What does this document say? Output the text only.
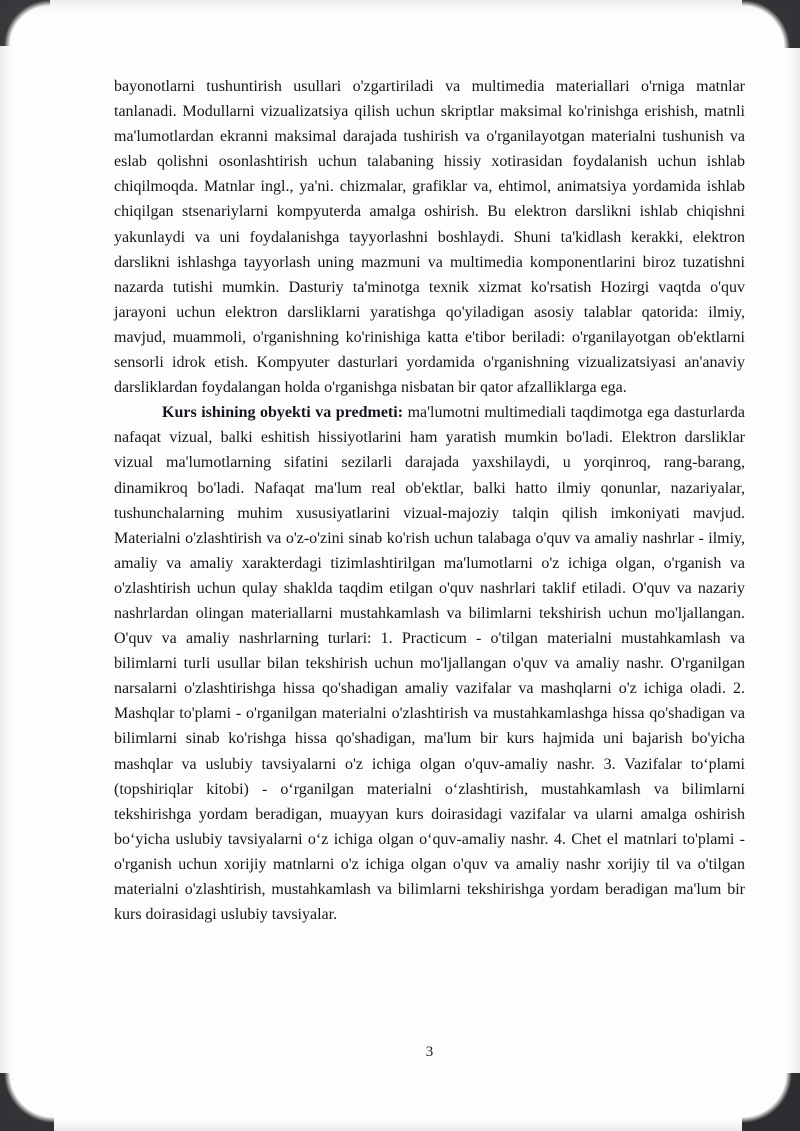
bayonotlarni tushuntirish usullari o'zgartiriladi va multimedia materiallari o'rniga matnlar tanlanadi. Modullarni vizualizatsiya qilish uchun skriptlar maksimal ko'rinishga erishish, matnli ma'lumotlardan ekranni maksimal darajada tushirish va o'rganilayotgan materialni tushunish va eslab qolishni osonlashtirish uchun talabaning hissiy xotirasidan foydalanish uchun ishlab chiqilmoqda. Matnlar ingl., ya'ni. chizmalar, grafiklar va, ehtimol, animatsiya yordamida ishlab chiqilgan stsenariylarni kompyuterda amalga oshirish. Bu elektron darslikni ishlab chiqishni yakunlaydi va uni foydalanishga tayyorlashni boshlaydi. Shuni ta'kidlash kerakki, elektron darslikni ishlashga tayyorlash uning mazmuni va multimedia komponentlarini biroz tuzatishni nazarda tutishi mumkin. Dasturiy ta'minotga texnik xizmat ko'rsatish Hozirgi vaqtda o'quv jarayoni uchun elektron darsliklarni yaratishga qo'yiladigan asosiy talablar qatorida: ilmiy, mavjud, muammoli, o'rganishning ko'rinishiga katta e'tibor beriladi: o'rganilayotgan ob'ektlarni sensorli idrok etish. Kompyuter dasturlari yordamida o'rganishning vizualizatsiyasi an'anaviy darsliklardan foydalangan holda o'rganishga nisbatan bir qator afzalliklarga ega.

Kurs ishining obyekti va predmeti: ma'lumotni multimediali taqdimotga ega dasturlarda nafaqat vizual, balki eshitish hissiyotlarini ham yaratish mumkin bo'ladi. Elektron darsliklar vizual ma'lumotlarning sifatini sezilarli darajada yaxshilaydi, u yorqinroq, rang-barang, dinamikroq bo'ladi. Nafaqat ma'lum real ob'ektlar, balki hatto ilmiy qonunlar, nazariyalar, tushunchalarning muhim xususiyatlarini vizual-majoziy talqin qilish imkoniyati mavjud. Materialni o'zlashtirish va o'z-o'zini sinab ko'rish uchun talabaga o'quv va amaliy nashrlar - ilmiy, amaliy va amaliy xarakterdagi tizimlashtirilgan ma'lumotlarni o'z ichiga olgan, o'rganish va o'zlashtirish uchun qulay shaklda taqdim etilgan o'quv nashrlari taklif etiladi. O'quv va nazariy nashrlardan olingan materiallarni mustahkamlash va bilimlarni tekshirish uchun mo'ljallangan. O'quv va amaliy nashrlarning turlari: 1. Practicum - o'tilgan materialni mustahkamlash va bilimlarni turli usullar bilan tekshirish uchun mo'ljallangan o'quv va amaliy nashr. O'rganilgan narsalarni o'zlashtirishga hissa qo'shadigan amaliy vazifalar va mashqlarni o'z ichiga oladi. 2. Mashqlar to'plami - o'rganilgan materialni o'zlashtirish va mustahkamlashga hissa qo'shadigan va bilimlarni sinab ko'rishga hissa qo'shadigan, ma'lum bir kurs hajmida uni bajarish bo'yicha mashqlar va uslubiy tavsiyalarni o'z ichiga olgan o'quv-amaliy nashr. 3. Vazifalar to‘plami (topshiriqlar kitobi) - o‘rganilgan materialni o‘zlashtirish, mustahkamlash va bilimlarni tekshirishga yordam beradigan, muayyan kurs doirasidagi vazifalar va ularni amalga oshirish bo‘yicha uslubiy tavsiyalarni o‘z ichiga olgan o‘quv-amaliy nashr. 4. Chet el matnlari to'plami - o'rganish uchun xorijiy matnlarni o'z ichiga olgan o'quv va amaliy nashr xorijiy til va o'tilgan materialni o'zlashtirish, mustahkamlash va bilimlarni tekshirishga yordam beradigan ma'lum bir kurs doirasidagi uslubiy tavsiyalar.

3
